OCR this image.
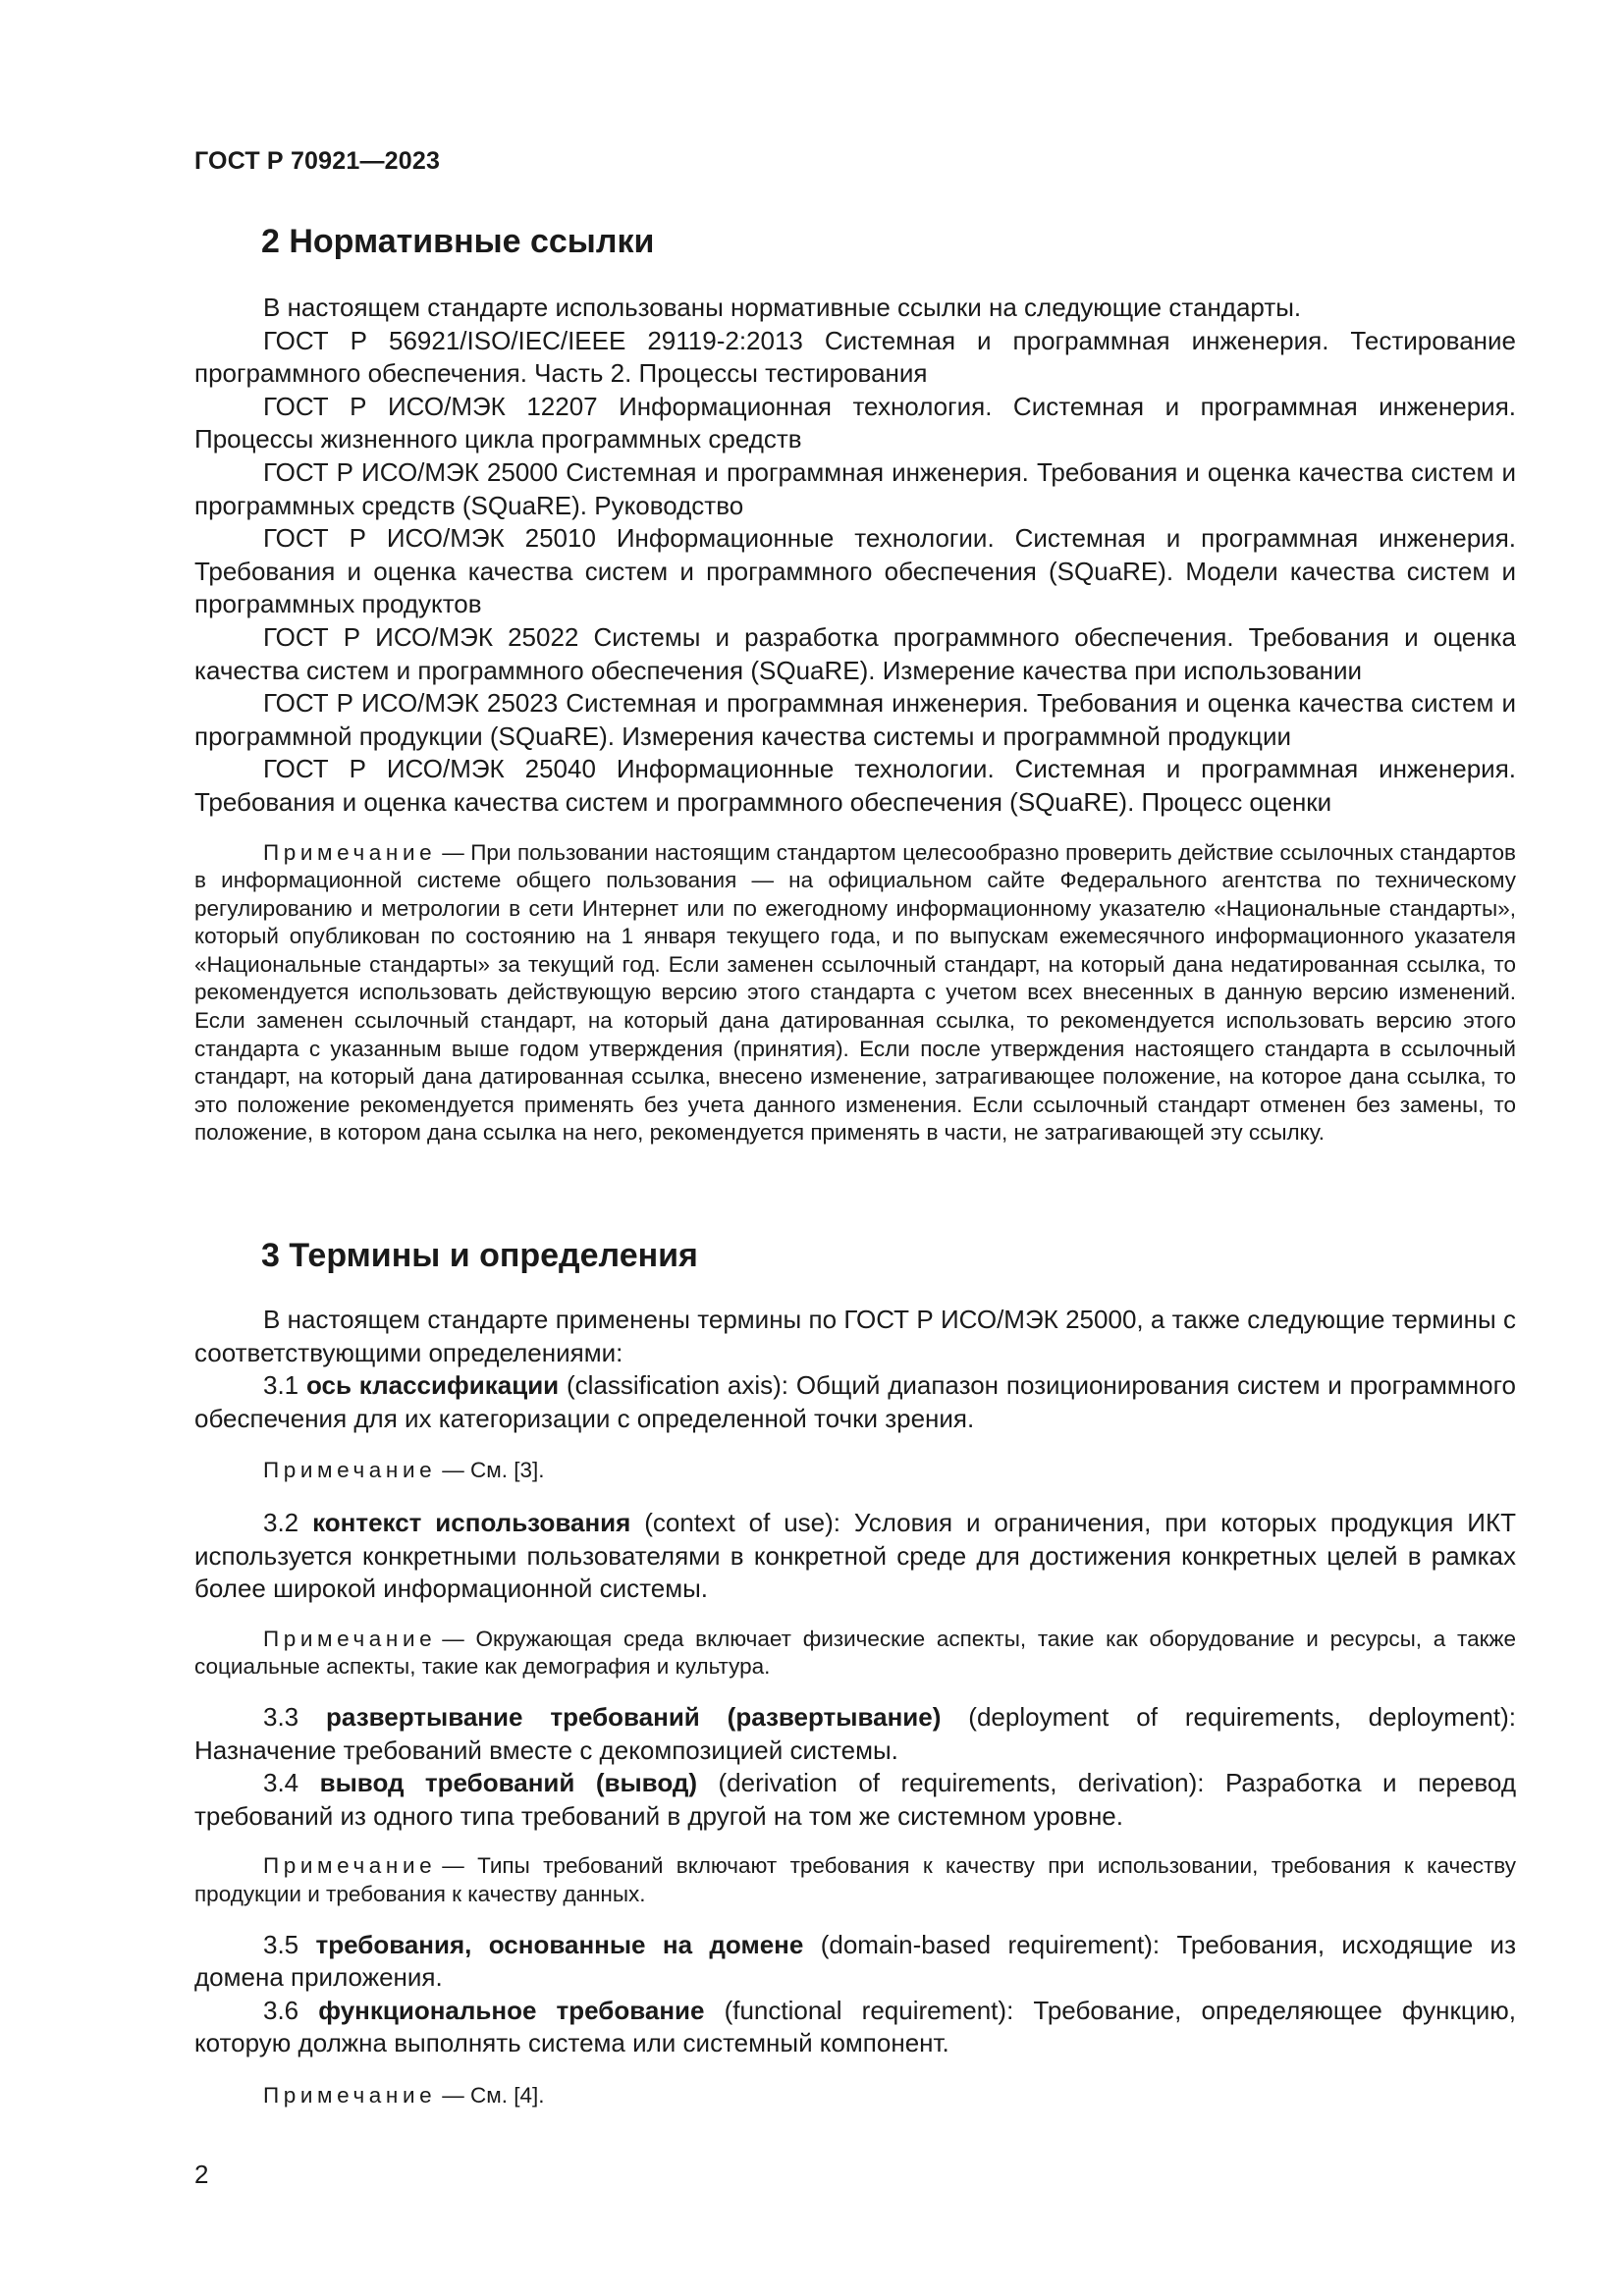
ГОСТ Р 70921—2023
2 Нормативные ссылки

В настоящем стандарте использованы нормативные ссылки на следующие стандарты.

ГОСТ Р 56921/ISO/IEC/IEEE 29119-2:2013 Системная и программная инженерия. Тестирование программного обеспечения. Часть 2. Процессы тестирования

ГОСТ Р ИСО/МЭК 12207 Информационная технология. Системная и программная инженерия. Процессы жизненного цикла программных средств

ГОСТ Р ИСО/МЭК 25000 Системная и программная инженерия. Требования и оценка качества систем и программных средств (SQuaRE). Руководство

ГОСТ Р ИСО/МЭК 25010 Информационные технологии. Системная и программная инженерия. Требования и оценка качества систем и программного обеспечения (SQuaRE). Модели качества систем и программных продуктов

ГОСТ Р ИСО/МЭК 25022 Системы и разработка программного обеспечения. Требования и оценка качества систем и программного обеспечения (SQuaRE). Измерение качества при использовании

ГОСТ Р ИСО/МЭК 25023 Системная и программная инженерия. Требования и оценка качества систем и программной продукции (SQuaRE). Измерения качества системы и программной продукции

ГОСТ Р ИСО/МЭК 25040 Информационные технологии. Системная и программная инженерия. Требования и оценка качества систем и программного обеспечения (SQuaRE). Процесс оценки

Примечание — При пользовании настоящим стандартом целесообразно проверить действие ссылочных стандартов в информационной системе общего пользования — на официальном сайте Федерального агентства по техническому регулированию и метрологии в сети Интернет или по ежегодному информационному указателю «Национальные стандарты», который опубликован по состоянию на 1 января текущего года, и по выпускам ежемесячного информационного указателя «Национальные стандарты» за текущий год. Если заменен ссылочный стандарт, на который дана недатированная ссылка, то рекомендуется использовать действующую версию этого стандарта с учетом всех внесенных в данную версию изменений. Если заменен ссылочный стандарт, на который дана датированная ссылка, то рекомендуется использовать версию этого стандарта с указанным выше годом утверждения (принятия). Если после утверждения настоящего стандарта в ссылочный стандарт, на который дана датированная ссылка, внесено изменение, затрагивающее положение, на которое дана ссылка, то это положение рекомендуется применять без учета данного изменения. Если ссылочный стандарт отменен без замены, то положение, в котором дана ссылка на него, рекомендуется применять в части, не затрагивающей эту ссылку.

3 Термины и определения

В настоящем стандарте применены термины по ГОСТ Р ИСО/МЭК 25000, а также следующие термины с соответствующими определениями:

3.1 ось классификации (classification axis): Общий диапазон позиционирования систем и программного обеспечения для их категоризации с определенной точки зрения.

Примечание — См. [3].

3.2 контекст использования (context of use): Условия и ограничения, при которых продукция ИКТ используется конкретными пользователями в конкретной среде для достижения конкретных целей в рамках более широкой информационной системы.

Примечание — Окружающая среда включает физические аспекты, такие как оборудование и ресурсы, а также социальные аспекты, такие как демография и культура.

3.3 развертывание требований (развертывание) (deployment of requirements, deployment): Назначение требований вместе с декомпозицией системы.

3.4 вывод требований (вывод) (derivation of requirements, derivation): Разработка и перевод требований из одного типа требований в другой на том же системном уровне.

Примечание — Типы требований включают требования к качеству при использовании, требования к качеству продукции и требования к качеству данных.

3.5 требования, основанные на домене (domain-based requirement): Требования, исходящие из домена приложения.

3.6 функциональное требование (functional requirement): Требование, определяющее функцию, которую должна выполнять система или системный компонент.

Примечание — См. [4].

2
